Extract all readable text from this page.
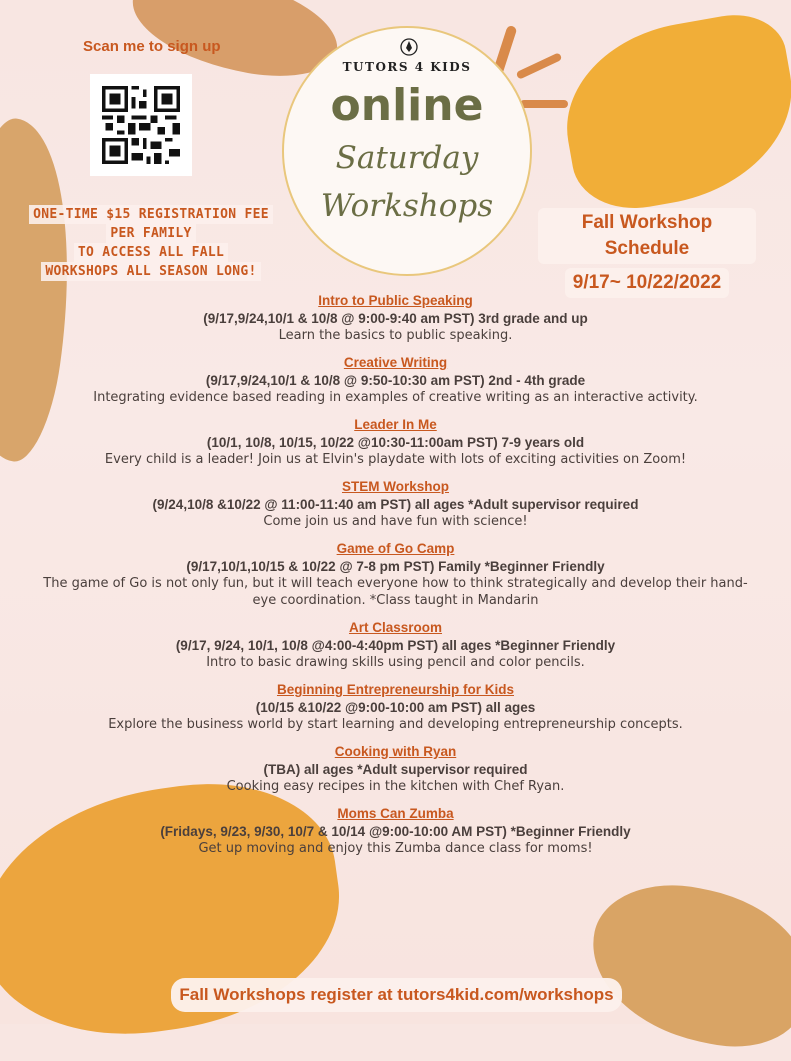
Scan me to sign up
ONE-TIME $15 REGISTRATION FEE
PER FAMILY
TO ACCESS ALL FALL
WORKSHOPS ALL SEASON LONG!
TUTORS 4 KIDS
online
Saturday
Workshops	Fall Workshop Schedule
9/17~ 10/22/2022
Intro to Public Speaking
(9/17,9/24,10/1 & 10/8 @ 9:00-9:40 am PST) 3rd grade and up
Learn the basics to public speaking.
Creative Writing
(9/17,9/24,10/1 & 10/8 @ 9:50-10:30 am PST) 2nd - 4th grade
Integrating evidence based reading in examples of creative writing as an interactive activity.
Leader In Me
(10/1, 10/8, 10/15, 10/22 @10:30-11:00am PST) 7-9 years old
Every child is a leader! Join us at Elvin's playdate with lots of exciting activities on Zoom!
STEM Workshop
(9/24,10/8 &10/22 @ 11:00-11:40 am PST) all ages *Adult supervisor required
Come join us and have fun with science!
Game of Go Camp
(9/17,10/1,10/15 & 10/22 @ 7-8 pm PST) Family *Beginner Friendly
The game of Go is not only fun, but it will teach everyone how to think strategically and develop their hand-eye coordination. *Class taught in Mandarin
Art Classroom
(9/17, 9/24, 10/1, 10/8 @4:00-4:40pm PST) all ages *Beginner Friendly
Intro to basic drawing skills using pencil and color pencils.
Beginning Entrepreneurship for Kids
(10/15 &10/22 @9:00-10:00 am PST) all ages
Explore the business world by start learning and developing entrepreneurship concepts.
Cooking with Ryan
(TBA) all ages *Adult supervisor required
Cooking easy recipes in the kitchen with Chef Ryan.
Moms Can Zumba
(Fridays, 9/23, 9/30, 10/7 & 10/14 @9:00-10:00 AM PST) *Beginner Friendly
Get up moving and enjoy this Zumba dance class for moms!
Fall Workshops register at tutors4kid.com/workshops
